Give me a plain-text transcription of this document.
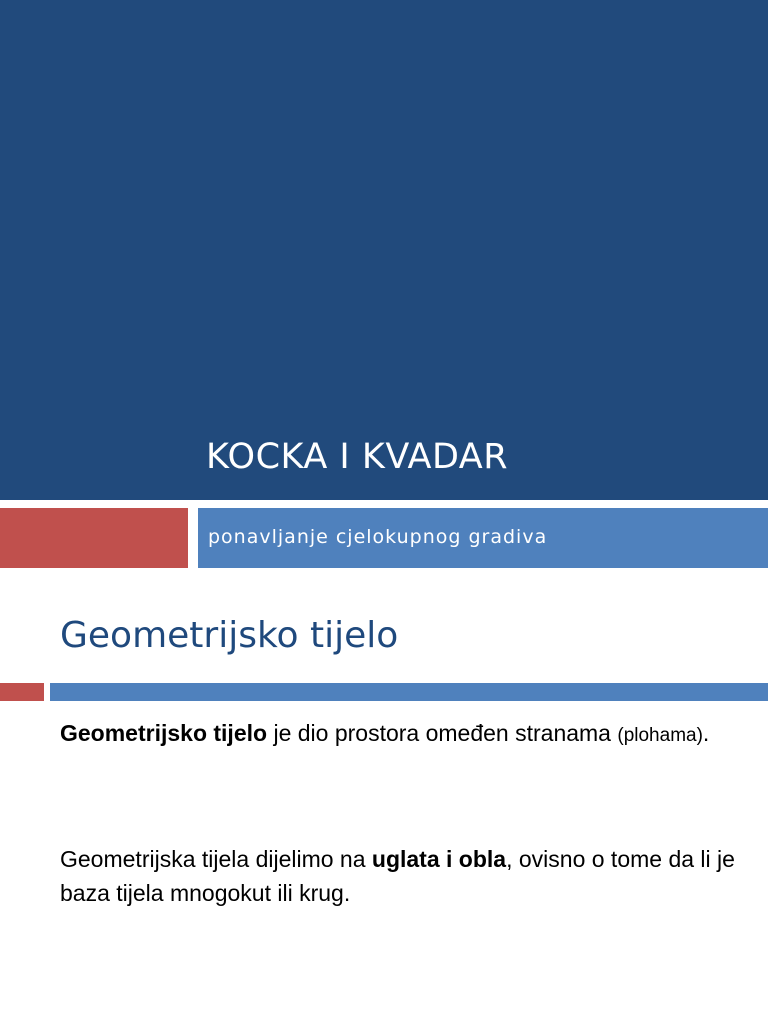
KOCKA I KVADAR
ponavljanje cjelokupnog gradiva
Geometrijsko tijelo
Geometrijsko tijelo je dio prostora omeđen stranama (plohama).
Geometrijska tijela dijelimo na uglata i obla, ovisno o tome da li je baza tijela mnogokut ili krug.
